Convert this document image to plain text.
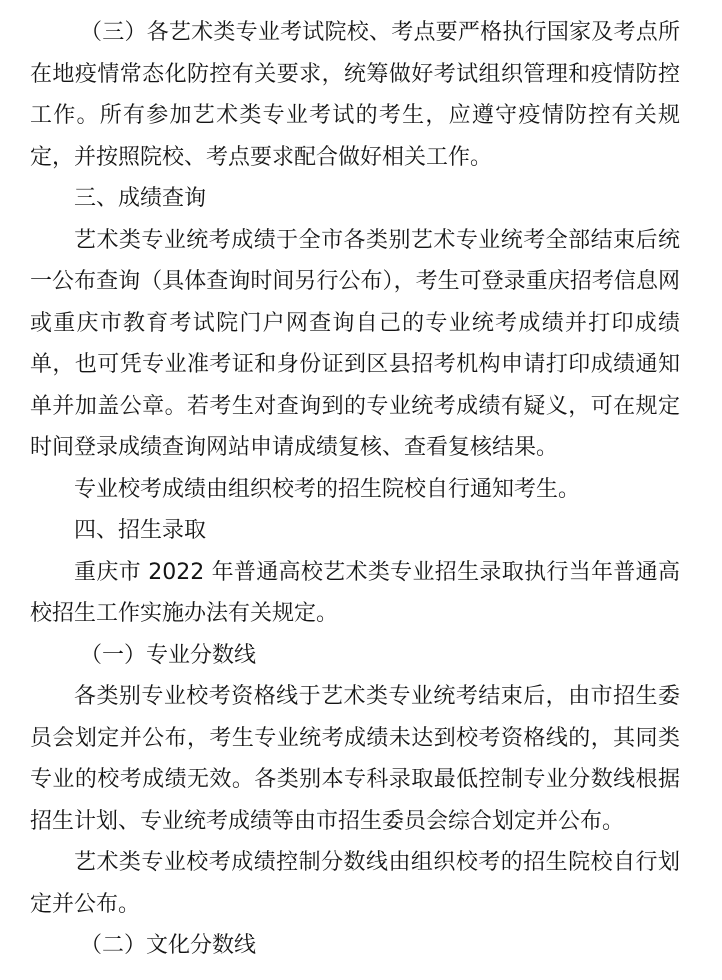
（三）各艺术类专业考试院校、考点要严格执行国家及考点所在地疫情常态化防控有关要求，统筹做好考试组织管理和疫情防控工作。所有参加艺术类专业考试的考生，应遵守疫情防控有关规定，并按照院校、考点要求配合做好相关工作。

三、成绩查询

艺术类专业统考成绩于全市各类别艺术专业统考全部结束后统一公布查询（具体查询时间另行公布），考生可登录重庆招考信息网或重庆市教育考试院门户网查询自己的专业统考成绩并打印成绩单，也可凭专业准考证和身份证到区县招考机构申请打印成绩通知单并加盖公章。若考生对查询到的专业统考成绩有疑义，可在规定时间登录成绩查询网站申请成绩复核、查看复核结果。

专业校考成绩由组织校考的招生院校自行通知考生。

四、招生录取

重庆市 2022 年普通高校艺术类专业招生录取执行当年普通高校招生工作实施办法有关规定。

（一）专业分数线

各类别专业校考资格线于艺术类专业统考结束后，由市招生委员会划定并公布，考生专业统考成绩未达到校考资格线的，其同类专业的校考成绩无效。各类别本专科录取最低控制专业分数线根据招生计划、专业统考成绩等由市招生委员会综合划定并公布。

艺术类专业校考成绩控制分数线由组织校考的招生院校自行划定并公布。

（二）文化分数线
